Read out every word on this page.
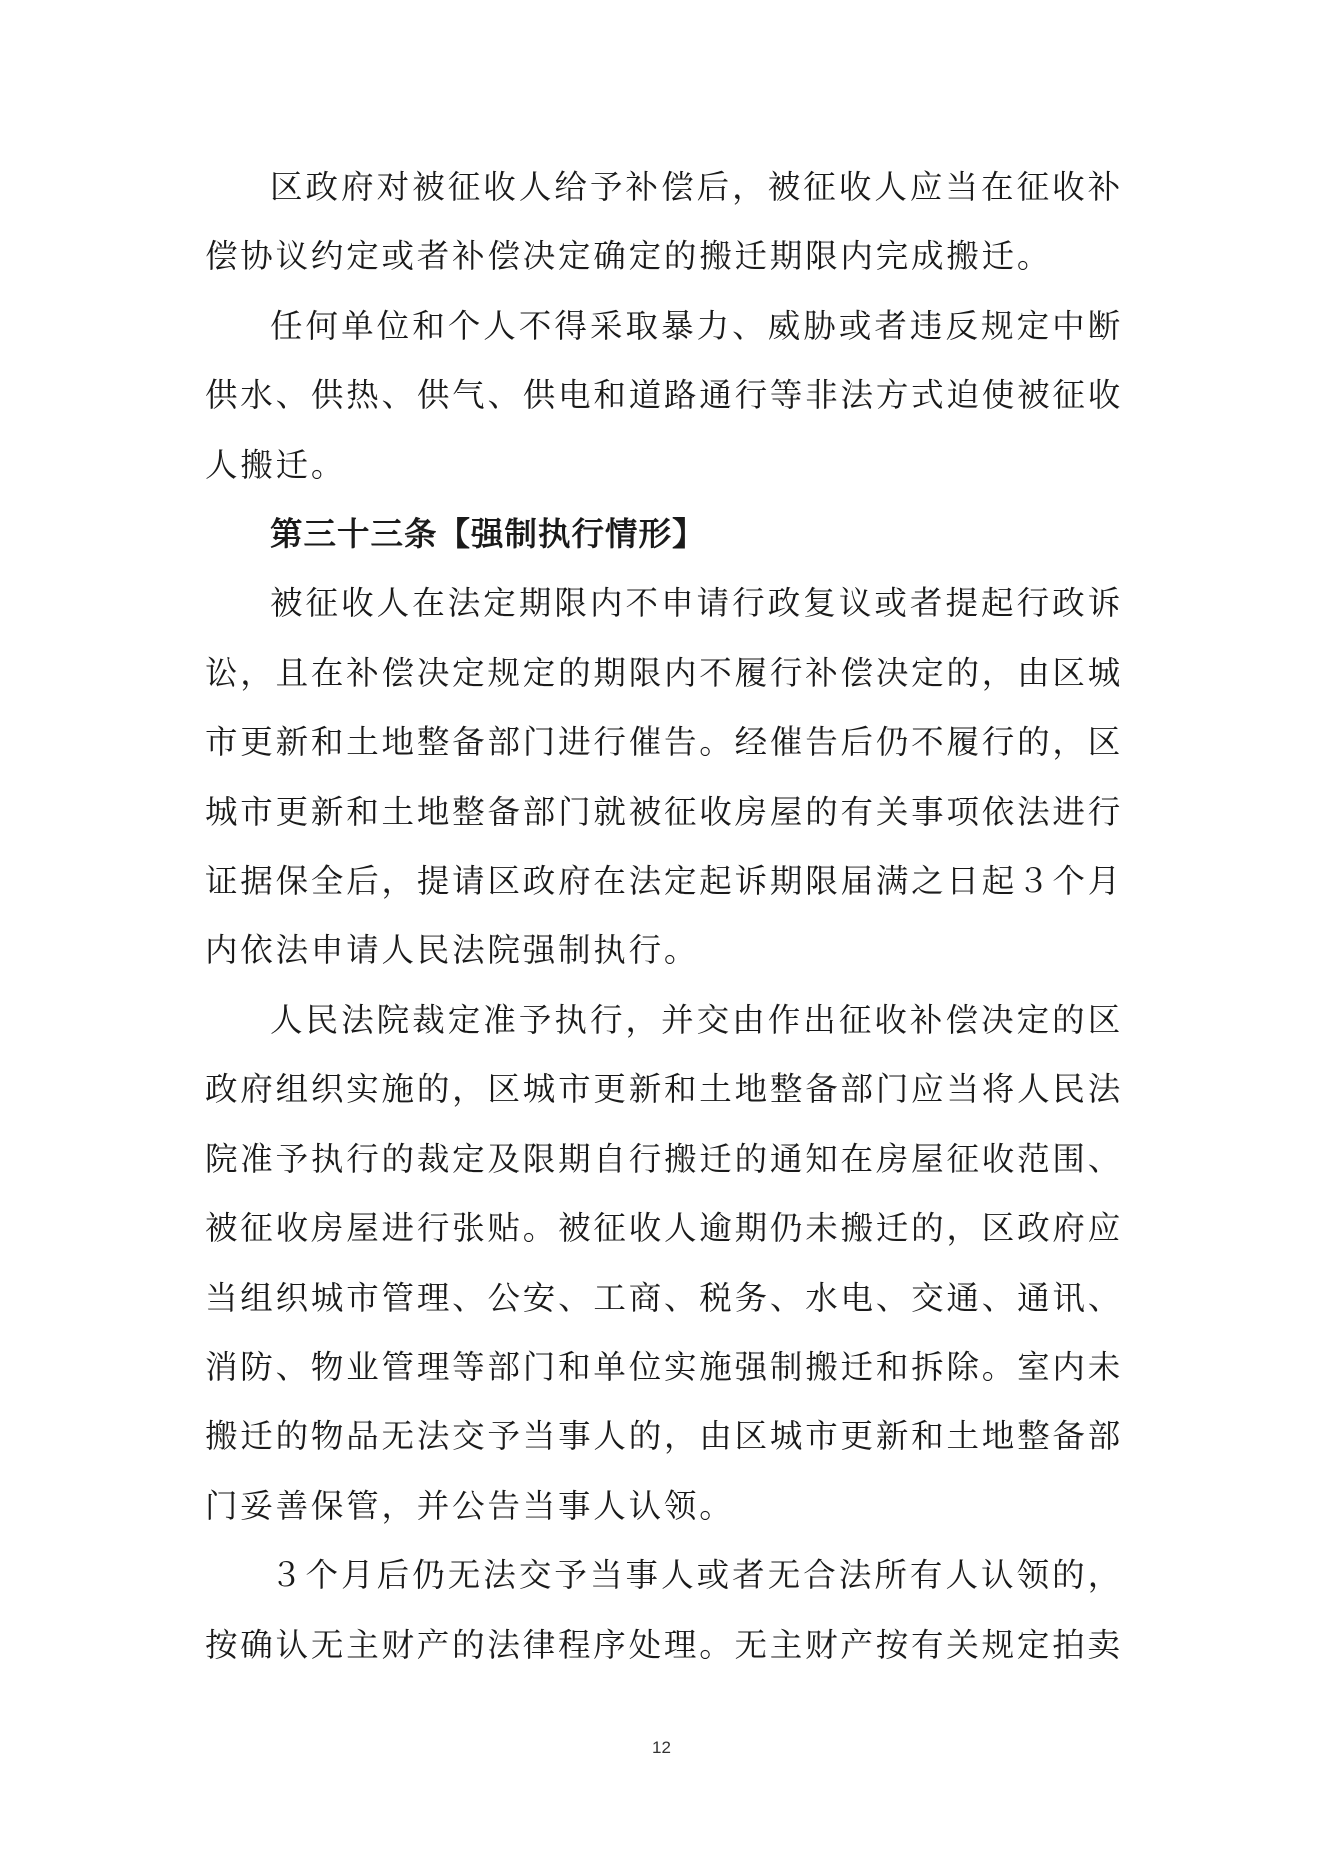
区政府对被征收人给予补偿后，被征收人应当在征收补偿协议约定或者补偿决定确定的搬迁期限内完成搬迁。

任何单位和个人不得采取暴力、威胁或者违反规定中断供水、供热、供气、供电和道路通行等非法方式迫使被征收人搬迁。

第三十三条【强制执行情形】

被征收人在法定期限内不申请行政复议或者提起行政诉讼，且在补偿决定规定的期限内不履行补偿决定的，由区城市更新和土地整备部门进行催告。经催告后仍不履行的，区城市更新和土地整备部门就被征收房屋的有关事项依法进行证据保全后，提请区政府在法定起诉期限届满之日起３个月内依法申请人民法院强制执行。

人民法院裁定准予执行，并交由作出征收补偿决定的区政府组织实施的，区城市更新和土地整备部门应当将人民法院准予执行的裁定及限期自行搬迁的通知在房屋征收范围、被征收房屋进行张贴。被征收人逾期仍未搬迁的，区政府应当组织城市管理、公安、工商、税务、水电、交通、通讯、消防、物业管理等部门和单位实施强制搬迁和拆除。室内未搬迁的物品无法交予当事人的，由区城市更新和土地整备部门妥善保管，并公告当事人认领。

３个月后仍无法交予当事人或者无合法所有人认领的，按确认无主财产的法律程序处理。无主财产按有关规定拍卖

12
